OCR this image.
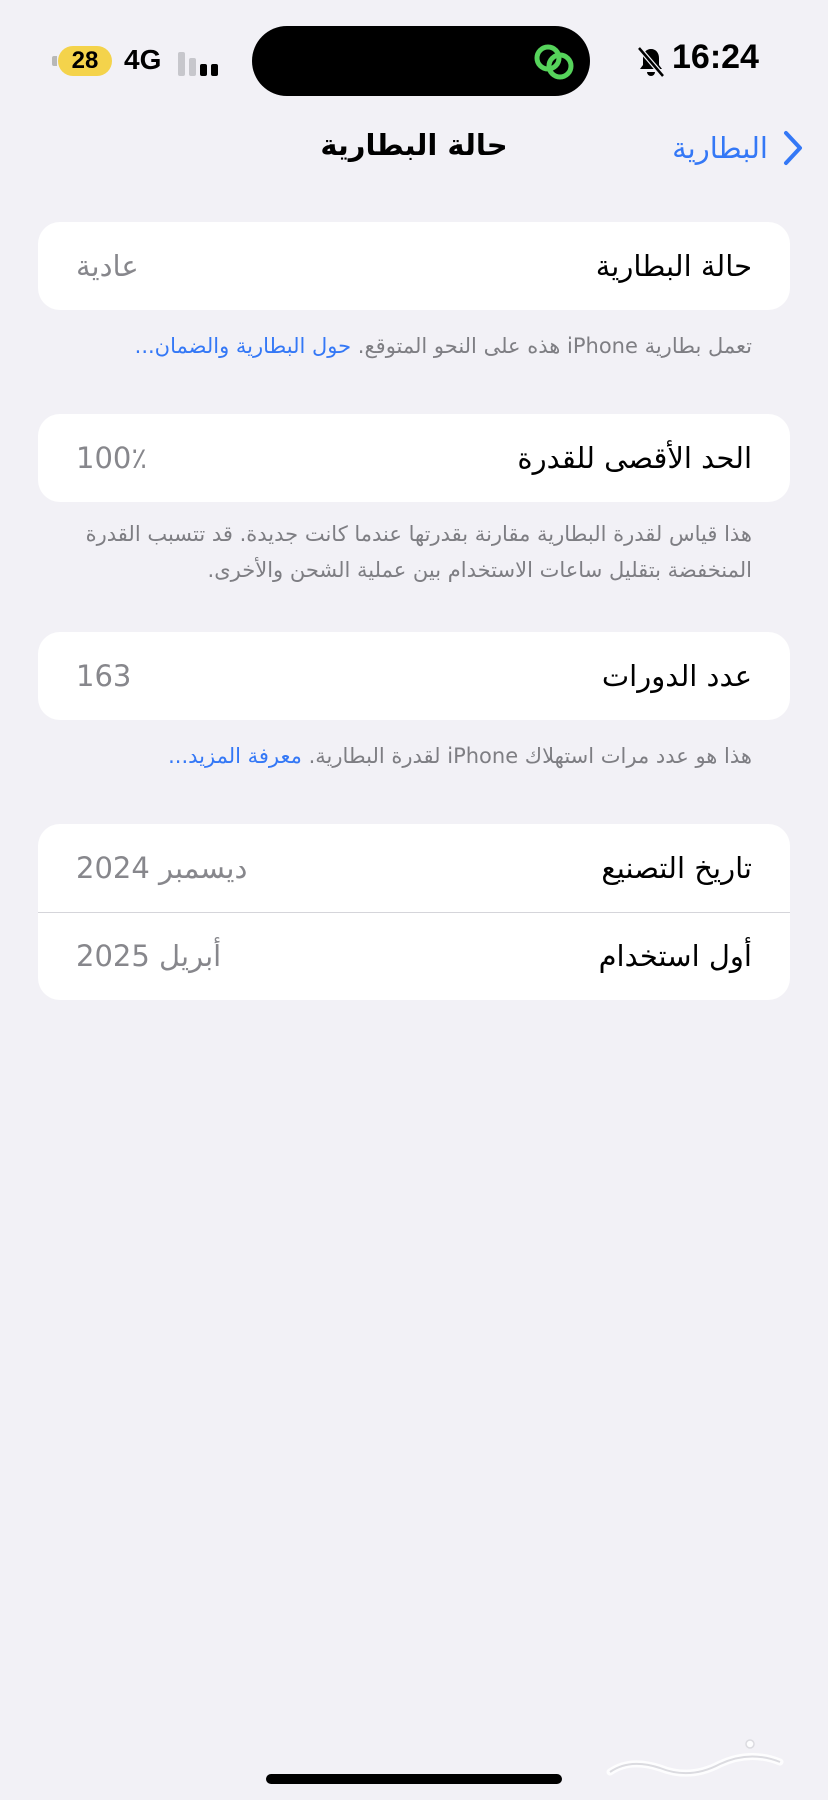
28 4G	16:24
حالة البطارية	البطارية
حالة البطارية
عادية
تعمل بطارية iPhone هذه على النحو المتوقع. حول البطارية والضمان...
الحد الأقصى للقدرة
100٪
هذا قياس لقدرة البطارية مقارنة بقدرتها عندما كانت جديدة. قد تتسبب القدرة المنخفضة بتقليل ساعات الاستخدام بين عملية الشحن والأخرى.
عدد الدورات
163
هذا هو عدد مرات استهلاك iPhone لقدرة البطارية. معرفة المزيد...
تاريخ التصنيع
ديسمبر 2024
أول استخدام
أبريل 2025
